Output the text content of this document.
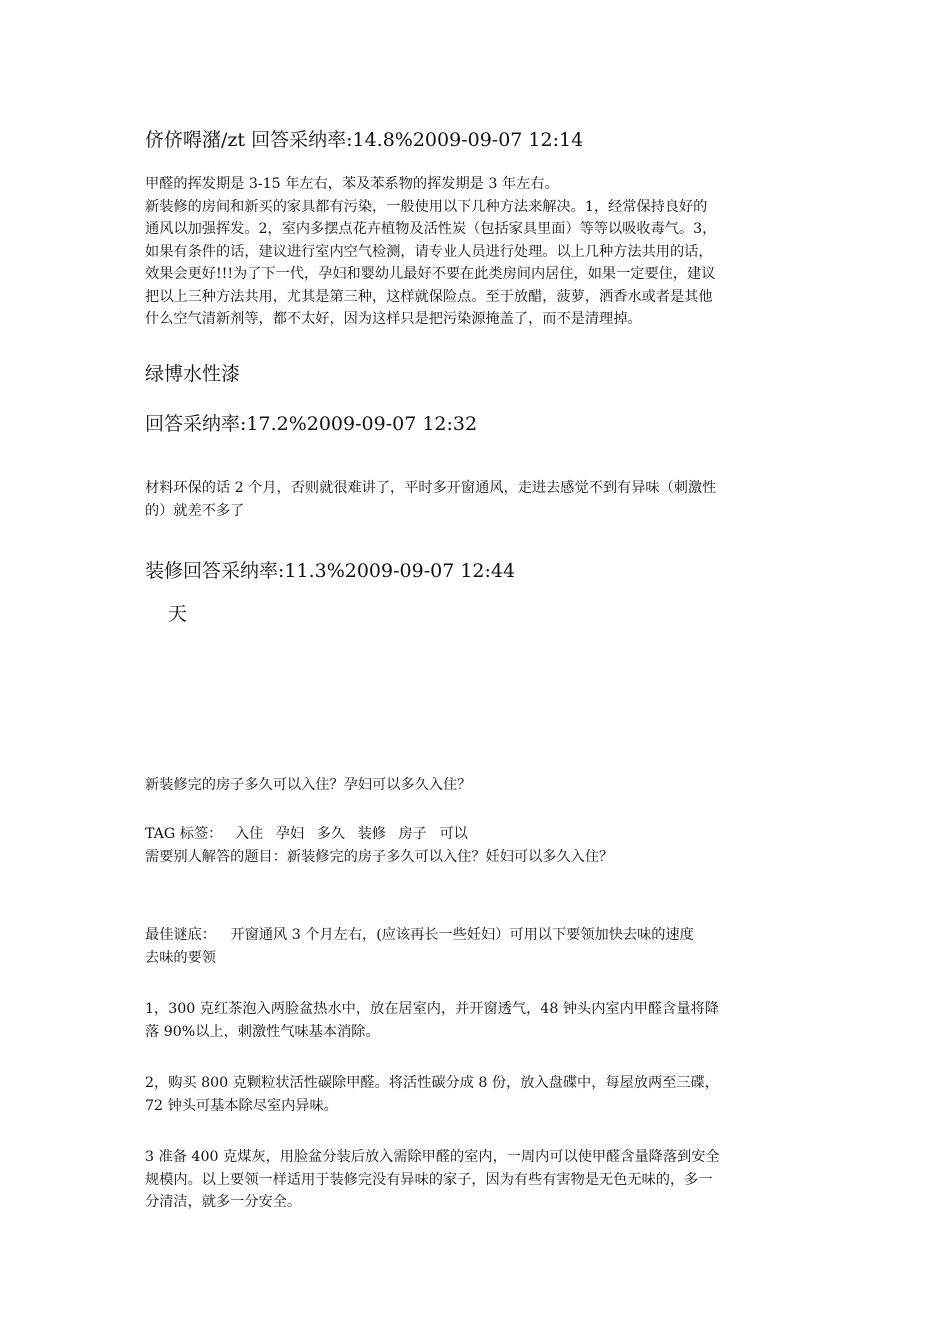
侪侪嘚潴/zt 回答采纳率:14.8%2009-09-07 12:14
甲醛的挥发期是 3-15 年左右，苯及苯系物的挥发期是 3 年左右。
新装修的房间和新买的家具都有污染，一般使用以下几种方法来解决。1，经常保持良好的
通风以加强挥发。2，室内多摆点花卉植物及活性炭（包括家具里面）等等以吸收毒气。3，
如果有条件的话，建议进行室内空气检测，请专业人员进行处理。以上几种方法共用的话，
效果会更好!!!为了下一代，孕妇和婴幼儿最好不要在此类房间内居住，如果一定要住，建议
把以上三种方法共用，尤其是第三种，这样就保险点。至于放醋，菠萝，洒香水或者是其他
什么空气清新剂等，都不太好，因为这样只是把污染源掩盖了，而不是清理掉。
绿博水性漆
回答采纳率:17.2%2009-09-07 12:32
材料环保的话 2 个月，否则就很难讲了，平时多开窗通风，走进去感觉不到有异味（刺激性
的）就差不多了
装修回答采纳率:11.3%2009-09-07 12:44
天
新装修完的房子多久可以入住？孕妇可以多久入住？
TAG 标签： 入住 孕妇 多久 装修 房子 可以
需要别人解答的题目：新装修完的房子多久可以入住？妊妇可以多久入住？
最佳谜底： 开窗通风 3 个月左右，(应该再长一些妊妇）可用以下要领加快去味的速度
去味的要领
1，300 克红茶泡入两脸盆热水中，放在居室内，并开窗透气，48 钟头内室内甲醛含量将降
落 90%以上，刺激性气味基本消除。
2，购买 800 克颗粒状活性碳除甲醛。将活性碳分成 8 份，放入盘碟中，每屋放两至三碟，
72 钟头可基本除尽室内异味。
3 准备 400 克煤灰，用脸盆分装后放入需除甲醛的室内，一周内可以使甲醛含量降落到安全
规模内。以上要领一样适用于装修完没有异味的家子，因为有些有害物是无色无味的，多一
分清洁，就多一分安全。
